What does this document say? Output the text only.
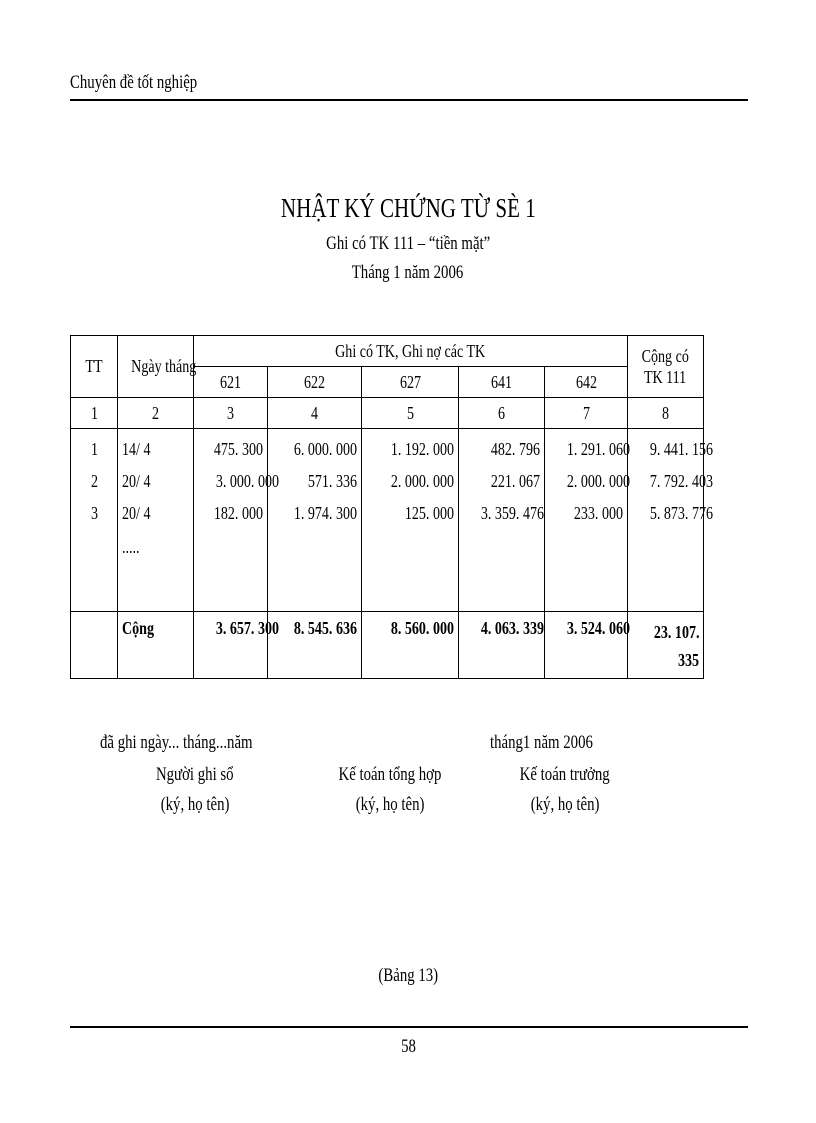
Chuyên đề tốt nghiệp
NHẬT KÝ CHỨNG TỪ SÈ 1
Ghi có TK 111 – “tiền mặt”
Tháng 1 năm 2006
TT	Ngày tháng	Ghi có TK, Ghi nợ các TK					Cộng có
TK 111

		621	622	627	641	642	
1	2	3	4	5	6	7	8
1	14/ 4	475. 300	6. 000. 000	1. 192. 000	482. 796	1. 291. 060	9. 441. 156
2	20/ 4	3. 000. 000	571. 336	2. 000. 000	221. 067	2. 000. 000	7. 792. 403
3	20/ 4	182. 000	1. 974. 300	125. 000	3. 359. 476	233. 000	5. 873. 776
	.....						

	Cộng	3. 657. 300	8. 545. 636	8. 560. 000	4. 063. 339	3. 524. 060	23. 107.
335
đã ghi ngày... tháng...năm	tháng1 năm 2006
Người ghi sổ
(ký, họ tên)
Kế toán tổng hợp
(ký, họ tên)
Kế toán trưởng
(ký, họ tên)
(Bảng 13)
58
